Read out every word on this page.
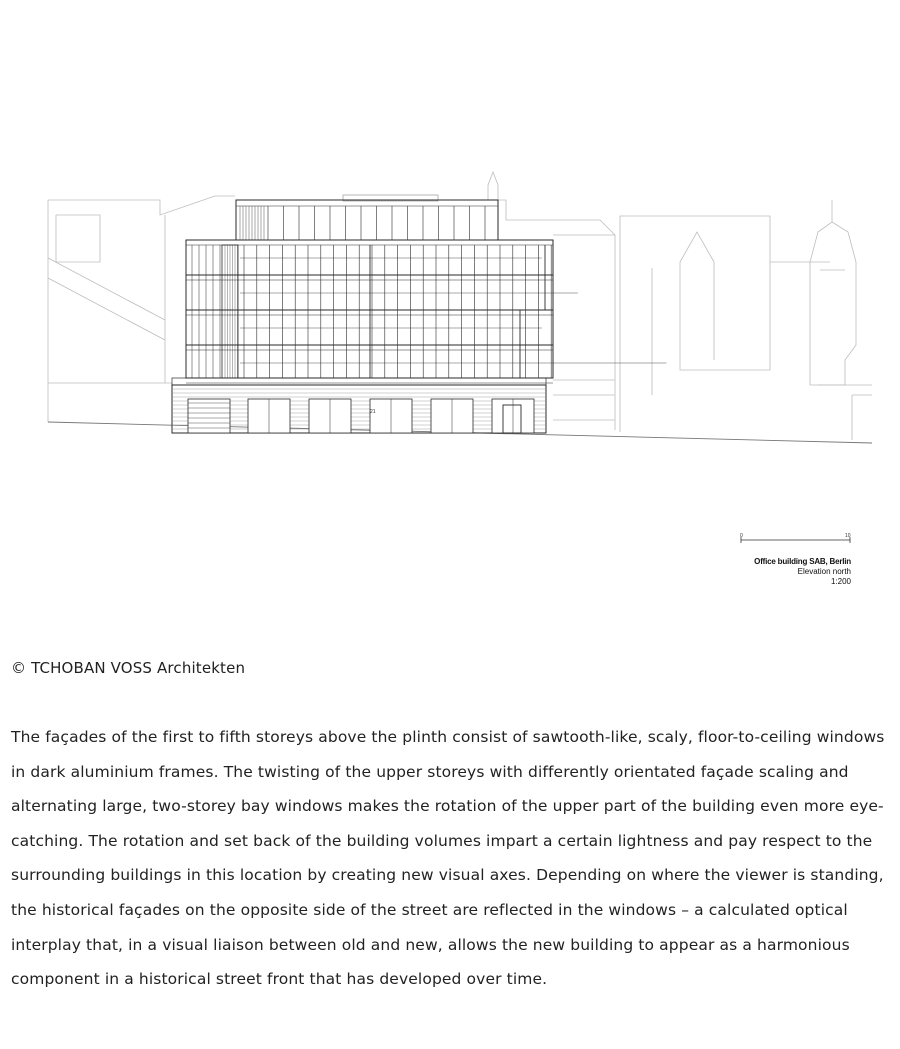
0	10
21
Office building SAB, Berlin
Elevation north
1:200
© TCHOBAN VOSS Architekten

The façades of the first to fifth storeys above the plinth consist of sawtooth-like, scaly, floor-to-ceiling windows in dark aluminium frames. The twisting of the upper storeys with differently orientated façade scaling and alternating large, two-storey bay windows makes the rotation of the upper part of the building even more eye-catching. The rotation and set back of the building volumes impart a certain lightness and pay respect to the surrounding buildings in this location by creating new visual axes. Depending on where the viewer is standing, the historical façades on the opposite side of the street are reflected in the windows – a calculated optical interplay that, in a visual liaison between old and new, allows the new building to appear as a harmonious component in a historical street front that has developed over time.
